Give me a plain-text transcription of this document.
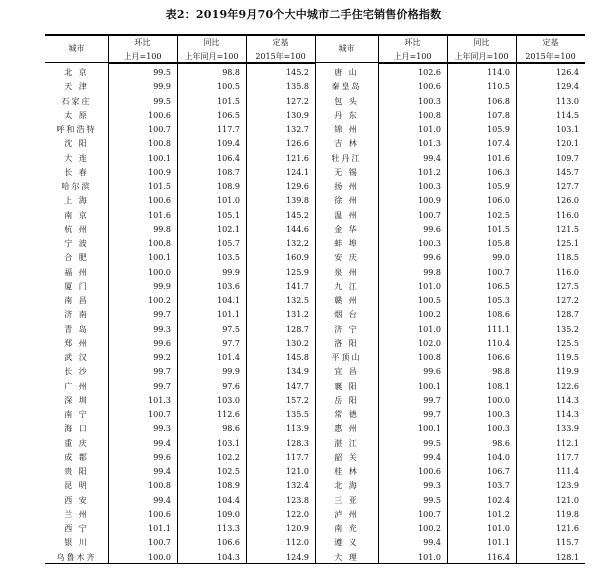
表2：2019年9月70个大中城市二手住宅销售价格指数
城市
环比	同比	定基
上月=100	上年同月=100	2015年=100
城市
环比	同比	定基
上月=100	上年同月=100	2015年=100
北 京	99.5	98.8	145.2
天 津	99.9	100.5	135.8
石家庄	99.5	101.5	127.2
太 原	100.6	106.5	130.9
呼和浩特	100.7	117.7	132.7
沈 阳	100.8	109.4	126.6
大 连	100.1	106.4	121.6
长 春	100.9	108.7	124.1
哈尔滨	101.5	108.9	129.6
上 海	100.6	101.0	139.8
南 京	101.6	105.1	145.2
杭 州	99.8	102.1	144.6
宁 波	100.8	105.7	132.2
合 肥	100.1	103.5	160.9
福 州	100.0	99.9	125.9
厦 门	99.9	103.6	141.7
南 昌	100.2	104.1	132.5
济 南	99.7	101.1	131.2
青 岛	99.3	97.5	128.7
郑 州	99.6	97.7	130.2
武 汉	99.2	101.4	145.8
长 沙	99.7	99.9	134.9
广 州	99.7	97.6	147.7
深 圳	101.3	103.0	157.2
南 宁	100.7	112.6	135.5
海 口	99.3	98.6	113.9
重 庆	99.4	103.1	128.3
成 都	99.6	102.2	117.7
贵 阳	99.4	102.5	121.0
昆 明	100.8	108.9	132.4
西 安	99.4	104.4	123.8
兰 州	100.6	109.0	122.0
西 宁	101.1	113.3	120.9
银 川	100.7	106.6	112.0
乌鲁木齐	100.0	104.3	124.9
唐 山	102.6	114.0	126.4
秦皇岛	100.6	110.5	129.4
包 头	100.3	106.8	113.0
丹 东	100.8	107.8	114.5
锦 州	101.0	105.9	103.1
吉 林	101.3	107.4	120.1
牡丹江	99.4	101.6	109.7
无 锡	101.2	106.3	145.7
扬 州	100.3	105.9	127.7
徐 州	100.9	106.0	126.0
温 州	100.7	102.5	116.0
金 华	99.6	101.5	121.5
蚌 埠	100.3	105.8	125.1
安 庆	99.6	99.0	118.5
泉 州	99.8	100.7	116.0
九 江	101.0	106.5	127.5
赣 州	100.5	105.3	127.2
烟 台	100.2	108.6	128.7
济 宁	101.0	111.1	135.2
洛 阳	102.0	110.4	125.5
平顶山	100.8	106.6	119.5
宜 昌	99.6	98.8	119.9
襄 阳	100.1	108.1	122.6
岳 阳	99.7	100.0	114.3
常 德	99.7	100.3	114.3
惠 州	100.1	100.3	133.9
湛 江	99.5	98.6	112.1
韶 关	99.4	104.0	117.7
桂 林	100.6	106.7	111.4
北 海	99.3	103.7	123.9
三 亚	99.5	102.4	121.0
泸 州	100.7	101.2	119.8
南 充	100.2	101.0	121.6
遵 义	99.4	101.1	115.7
大 理	101.0	116.4	128.1
